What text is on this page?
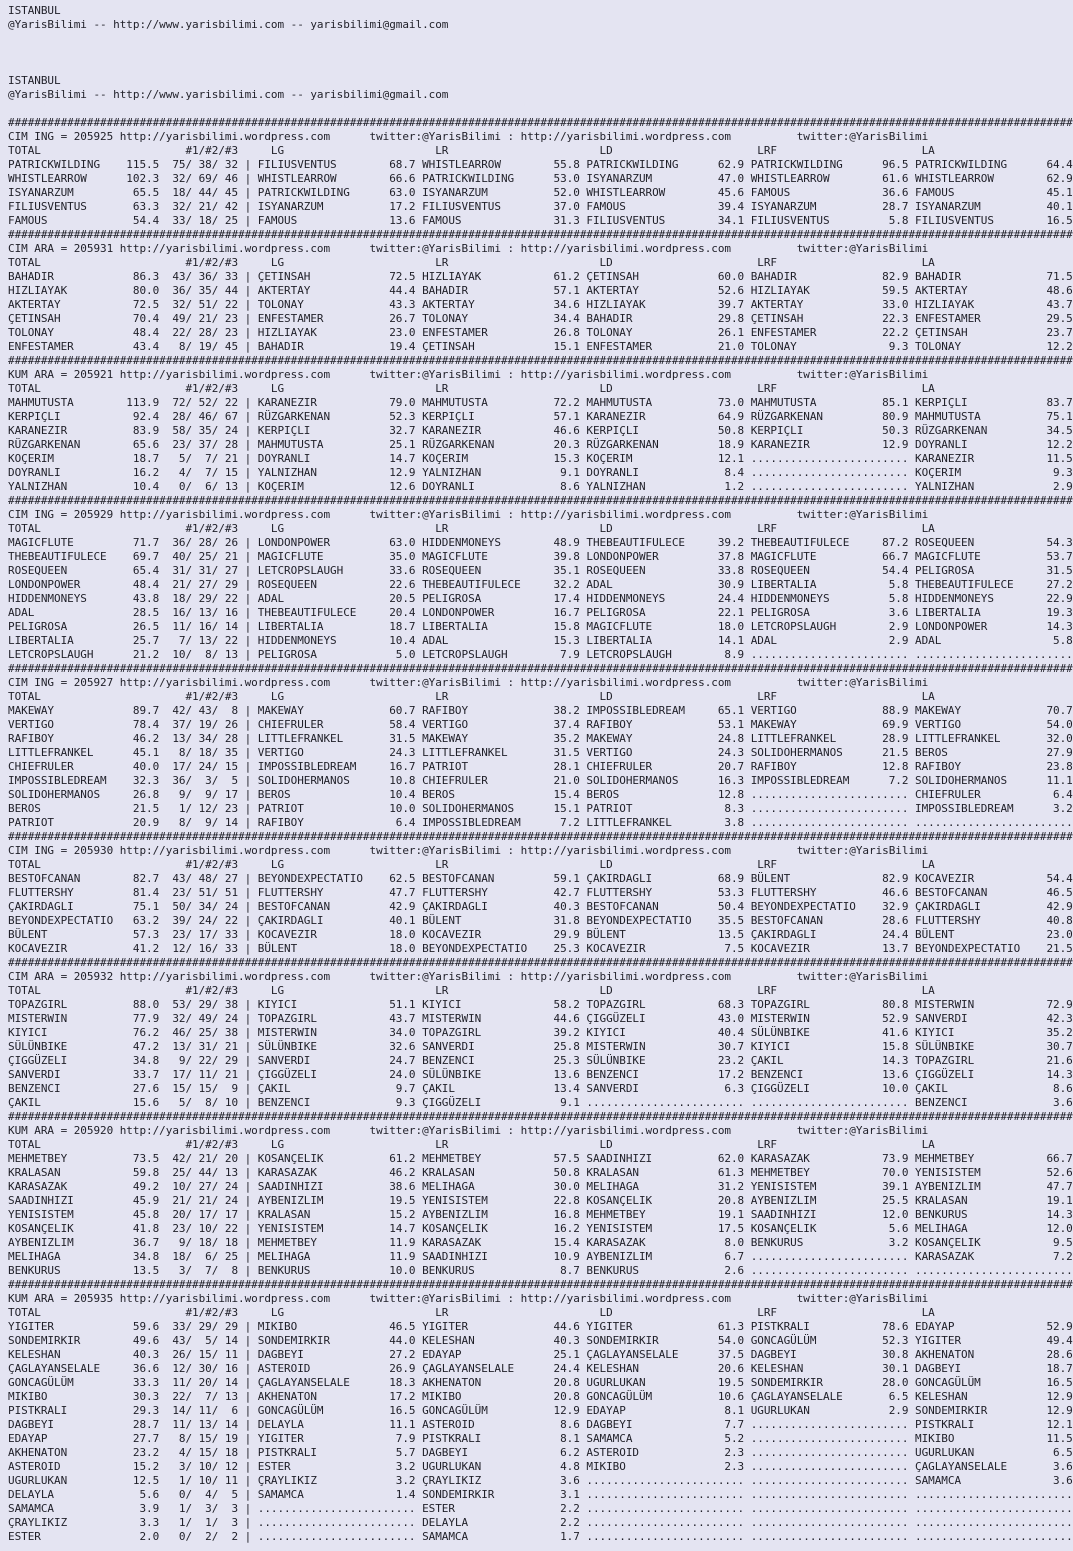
ISTANBUL
@YarisBilimi -- http://www.yarisbilimi.com -- yarisbilimi@gmail.com
ISTANBUL
@YarisBilimi -- http://www.yarisbilimi.com -- yarisbilimi@gmail.com
##################################################################################################################################################################
CIM ING = 205925 http://yarisbilimi.wordpress.com      twitter:@YarisBilimi : http://yarisbilimi.wordpress.com          twitter:@YarisBilimi
TOTAL                      #1/#2/#3     LG                       LR                       LD                      LRF                      LA
PATRICKWILDING    115.5  75/ 38/ 32 | FILIUSVENTUS        68.7 WHISTLEARROW        55.8 PATRICKWILDING      62.9 PATRICKWILDING      96.5 PATRICKWILDING      64.4
WHISTLEARROW      102.3  32/ 69/ 46 | WHISTLEARROW        66.6 PATRICKWILDING      53.0 ISYANARZUM          47.0 WHISTLEARROW        61.6 WHISTLEARROW        62.9
ISYANARZUM         65.5  18/ 44/ 45 | PATRICKWILDING      63.0 ISYANARZUM          52.0 WHISTLEARROW        45.6 FAMOUS              36.6 FAMOUS              45.1
FILIUSVENTUS       63.3  32/ 21/ 42 | ISYANARZUM          17.2 FILIUSVENTUS        37.0 FAMOUS              39.4 ISYANARZUM          28.7 ISYANARZUM          40.1
FAMOUS             54.4  33/ 18/ 25 | FAMOUS              13.6 FAMOUS              31.3 FILIUSVENTUS        34.1 FILIUSVENTUS         5.8 FILIUSVENTUS        16.5
##################################################################################################################################################################
CIM ARA = 205931 http://yarisbilimi.wordpress.com      twitter:@YarisBilimi : http://yarisbilimi.wordpress.com          twitter:@YarisBilimi
TOTAL                      #1/#2/#3     LG                       LR                       LD                      LRF                      LA
BAHADIR            86.3  43/ 36/ 33 | ÇETINSAH            72.5 HIZLIAYAK           61.2 ÇETINSAH            60.0 BAHADIR             82.9 BAHADIR             71.5
HIZLIAYAK          80.0  36/ 35/ 44 | AKTERTAY            44.4 BAHADIR             57.1 AKTERTAY            52.6 HIZLIAYAK           59.5 AKTERTAY            48.6
AKTERTAY           72.5  32/ 51/ 22 | TOLONAY             43.3 AKTERTAY            34.6 HIZLIAYAK           39.7 AKTERTAY            33.0 HIZLIAYAK           43.7
ÇETINSAH           70.4  49/ 21/ 23 | ENFESTAMER          26.7 TOLONAY             34.4 BAHADIR             29.8 ÇETINSAH            22.3 ENFESTAMER          29.5
TOLONAY            48.4  22/ 28/ 23 | HIZLIAYAK           23.0 ENFESTAMER          26.8 TOLONAY             26.1 ENFESTAMER          22.2 ÇETINSAH            23.7
ENFESTAMER         43.4   8/ 19/ 45 | BAHADIR             19.4 ÇETINSAH            15.1 ENFESTAMER          21.0 TOLONAY              9.3 TOLONAY             12.2
##################################################################################################################################################################
KUM ARA = 205921 http://yarisbilimi.wordpress.com      twitter:@YarisBilimi : http://yarisbilimi.wordpress.com          twitter:@YarisBilimi
TOTAL                      #1/#2/#3     LG                       LR                       LD                      LRF                      LA
MAHMUTUSTA        113.9  72/ 52/ 22 | KARANEZIR           79.0 MAHMUTUSTA          72.2 MAHMUTUSTA          73.0 MAHMUTUSTA          85.1 KERPIÇLI            83.7
KERPIÇLI           92.4  28/ 46/ 67 | RÜZGARKENAN         52.3 KERPIÇLI            57.1 KARANEZIR           64.9 RÜZGARKENAN         80.9 MAHMUTUSTA          75.1
KARANEZIR          83.9  58/ 35/ 24 | KERPIÇLI            32.7 KARANEZIR           46.6 KERPIÇLI            50.8 KERPIÇLI            50.3 RÜZGARKENAN         34.5
RÜZGARKENAN        65.6  23/ 37/ 28 | MAHMUTUSTA          25.1 RÜZGARKENAN         20.3 RÜZGARKENAN         18.9 KARANEZIR           12.9 DOYRANLI            12.2
KOÇERIM            18.7   5/  7/ 21 | DOYRANLI            14.7 KOÇERIM             15.3 KOÇERIM             12.1 ........................ KARANEZIR           11.5
DOYRANLI           16.2   4/  7/ 15 | YALNIZHAN           12.9 YALNIZHAN            9.1 DOYRANLI             8.4 ........................ KOÇERIM              9.3
YALNIZHAN          10.4   0/  6/ 13 | KOÇERIM             12.6 DOYRANLI             8.6 YALNIZHAN            1.2 ........................ YALNIZHAN            2.9
##################################################################################################################################################################
CIM ING = 205929 http://yarisbilimi.wordpress.com      twitter:@YarisBilimi : http://yarisbilimi.wordpress.com          twitter:@YarisBilimi
TOTAL                      #1/#2/#3     LG                       LR                       LD                      LRF                      LA
MAGICFLUTE         71.7  36/ 28/ 26 | LONDONPOWER         63.0 HIDDENMONEYS        48.9 THEBEAUTIFULECE     39.2 THEBEAUTIFULECE     87.2 ROSEQUEEN           54.3
THEBEAUTIFULECE    69.7  40/ 25/ 21 | MAGICFLUTE          35.0 MAGICFLUTE          39.8 LONDONPOWER         37.8 MAGICFLUTE          66.7 MAGICFLUTE          53.7
ROSEQUEEN          65.4  31/ 31/ 27 | LETCROPSLAUGH       33.6 ROSEQUEEN           35.1 ROSEQUEEN           33.8 ROSEQUEEN           54.4 PELIGROSA           31.5
LONDONPOWER        48.4  21/ 27/ 29 | ROSEQUEEN           22.6 THEBEAUTIFULECE     32.2 ADAL                30.9 LIBERTALIA           5.8 THEBEAUTIFULECE     27.2
HIDDENMONEYS       43.8  18/ 29/ 22 | ADAL                20.5 PELIGROSA           17.4 HIDDENMONEYS        24.4 HIDDENMONEYS         5.8 HIDDENMONEYS        22.9
ADAL               28.5  16/ 13/ 16 | THEBEAUTIFULECE     20.4 LONDONPOWER         16.7 PELIGROSA           22.1 PELIGROSA            3.6 LIBERTALIA          19.3
PELIGROSA          26.5  11/ 16/ 14 | LIBERTALIA          18.7 LIBERTALIA          15.8 MAGICFLUTE          18.0 LETCROPSLAUGH        2.9 LONDONPOWER         14.3
LIBERTALIA         25.7   7/ 13/ 22 | HIDDENMONEYS        10.4 ADAL                15.3 LIBERTALIA          14.1 ADAL                 2.9 ADAL                 5.8
LETCROPSLAUGH      21.2  10/  8/ 13 | PELIGROSA            5.0 LETCROPSLAUGH        7.9 LETCROPSLAUGH        8.9 ........................ ........................
##################################################################################################################################################################
CIM ING = 205927 http://yarisbilimi.wordpress.com      twitter:@YarisBilimi : http://yarisbilimi.wordpress.com          twitter:@YarisBilimi
TOTAL                      #1/#2/#3     LG                       LR                       LD                      LRF                      LA
MAKEWAY            89.7  42/ 43/  8 | MAKEWAY             60.7 RAFIBOY             38.2 IMPOSSIBLEDREAM     65.1 VERTIGO             88.9 MAKEWAY             70.7
VERTIGO            78.4  37/ 19/ 26 | CHIEFRULER          58.4 VERTIGO             37.4 RAFIBOY             53.1 MAKEWAY             69.9 VERTIGO             54.0
RAFIBOY            46.2  13/ 34/ 28 | LITTLEFRANKEL       31.5 MAKEWAY             35.2 MAKEWAY             24.8 LITTLEFRANKEL       28.9 LITTLEFRANKEL       32.0
LITTLEFRANKEL      45.1   8/ 18/ 35 | VERTIGO             24.3 LITTLEFRANKEL       31.5 VERTIGO             24.3 SOLIDOHERMANOS      21.5 BEROS               27.9
CHIEFRULER         40.0  17/ 24/ 15 | IMPOSSIBLEDREAM     16.7 PATRIOT             28.1 CHIEFRULER          20.7 RAFIBOY             12.8 RAFIBOY             23.8
IMPOSSIBLEDREAM    32.3  36/  3/  5 | SOLIDOHERMANOS      10.8 CHIEFRULER          21.0 SOLIDOHERMANOS      16.3 IMPOSSIBLEDREAM      7.2 SOLIDOHERMANOS      11.1
SOLIDOHERMANOS     26.8   9/  9/ 17 | BEROS               10.4 BEROS               15.4 BEROS               12.8 ........................ CHIEFRULER           6.4
BEROS              21.5   1/ 12/ 23 | PATRIOT             10.0 SOLIDOHERMANOS      15.1 PATRIOT              8.3 ........................ IMPOSSIBLEDREAM      3.2
PATRIOT            20.9   8/  9/ 14 | RAFIBOY              6.4 IMPOSSIBLEDREAM      7.2 LITTLEFRANKEL        3.8 ........................ ........................
##################################################################################################################################################################
CIM ING = 205930 http://yarisbilimi.wordpress.com      twitter:@YarisBilimi : http://yarisbilimi.wordpress.com          twitter:@YarisBilimi
TOTAL                      #1/#2/#3     LG                       LR                       LD                      LRF                      LA
BESTOFCANAN        82.7  43/ 48/ 27 | BEYONDEXPECTATIO    62.5 BESTOFCANAN         59.1 ÇAKIRDAGLI          68.9 BÜLENT              82.9 KOCAVEZIR           54.4
FLUTTERSHY         81.4  23/ 51/ 51 | FLUTTERSHY          47.7 FLUTTERSHY          42.7 FLUTTERSHY          53.3 FLUTTERSHY          46.6 BESTOFCANAN         46.5
ÇAKIRDAGLI         75.1  50/ 34/ 24 | BESTOFCANAN         42.9 ÇAKIRDAGLI          40.3 BESTOFCANAN         50.4 BEYONDEXPECTATIO    32.9 ÇAKIRDAGLI          42.9
BEYONDEXPECTATIO   63.2  39/ 24/ 22 | ÇAKIRDAGLI          40.1 BÜLENT              31.8 BEYONDEXPECTATIO    35.5 BESTOFCANAN         28.6 FLUTTERSHY          40.8
BÜLENT             57.3  23/ 17/ 33 | KOCAVEZIR           18.0 KOCAVEZIR           29.9 BÜLENT              13.5 ÇAKIRDAGLI          24.4 BÜLENT              23.0
KOCAVEZIR          41.2  12/ 16/ 33 | BÜLENT              18.0 BEYONDEXPECTATIO    25.3 KOCAVEZIR            7.5 KOCAVEZIR           13.7 BEYONDEXPECTATIO    21.5
##################################################################################################################################################################
CIM ARA = 205932 http://yarisbilimi.wordpress.com      twitter:@YarisBilimi : http://yarisbilimi.wordpress.com          twitter:@YarisBilimi
TOTAL                      #1/#2/#3     LG                       LR                       LD                      LRF                      LA
TOPAZGIRL          88.0  53/ 29/ 38 | KIYICI              51.1 KIYICI              58.2 TOPAZGIRL           68.3 TOPAZGIRL           80.8 MISTERWIN           72.9
MISTERWIN          77.9  32/ 49/ 24 | TOPAZGIRL           43.7 MISTERWIN           44.6 ÇIGGÜZELI           43.0 MISTERWIN           52.9 SANVERDI            42.3
KIYICI             76.2  46/ 25/ 38 | MISTERWIN           34.0 TOPAZGIRL           39.2 KIYICI              40.4 SÜLÜNBIKE           41.6 KIYICI              35.2
SÜLÜNBIKE          47.2  13/ 31/ 21 | SÜLÜNBIKE           32.6 SANVERDI            25.8 MISTERWIN           30.7 KIYICI              15.8 SÜLÜNBIKE           30.7
ÇIGGÜZELI          34.8   9/ 22/ 29 | SANVERDI            24.7 BENZENCI            25.3 SÜLÜNBIKE           23.2 ÇAKIL               14.3 TOPAZGIRL           21.6
SANVERDI           33.7  17/ 11/ 21 | ÇIGGÜZELI           24.0 SÜLÜNBIKE           13.6 BENZENCI            17.2 BENZENCI            13.6 ÇIGGÜZELI           14.3
BENZENCI           27.6  15/ 15/  9 | ÇAKIL                9.7 ÇAKIL               13.4 SANVERDI             6.3 ÇIGGÜZELI           10.0 ÇAKIL                8.6
ÇAKIL              15.6   5/  8/ 10 | BENZENCI             9.3 ÇIGGÜZELI            9.1 ........................ ........................ BENZENCI             3.6
##################################################################################################################################################################
KUM ARA = 205920 http://yarisbilimi.wordpress.com      twitter:@YarisBilimi : http://yarisbilimi.wordpress.com          twitter:@YarisBilimi
TOTAL                      #1/#2/#3     LG                       LR                       LD                      LRF                      LA
MEHMETBEY          73.5  42/ 21/ 20 | KOSANÇELIK          61.2 MEHMETBEY           57.5 SAADINHIZI          62.0 KARASAZAK           73.9 MEHMETBEY           66.7
KRALASAN           59.8  25/ 44/ 13 | KARASAZAK           46.2 KRALASAN            50.8 KRALASAN            61.3 MEHMETBEY           70.0 YENISISTEM          52.6
KARASAZAK          49.2  10/ 27/ 24 | SAADINHIZI          38.6 MELIHAGA            30.0 MELIHAGA            31.2 YENISISTEM          39.1 AYBENIZLIM          47.7
SAADINHIZI         45.9  21/ 21/ 24 | AYBENIZLIM          19.5 YENISISTEM          22.8 KOSANÇELIK          20.8 AYBENIZLIM          25.5 KRALASAN            19.1
YENISISTEM         45.8  20/ 17/ 17 | KRALASAN            15.2 AYBENIZLIM          16.8 MEHMETBEY           19.1 SAADINHIZI          12.0 BENKURUS            14.3
KOSANÇELIK         41.8  23/ 10/ 22 | YENISISTEM          14.7 KOSANÇELIK          16.2 YENISISTEM          17.5 KOSANÇELIK           5.6 MELIHAGA            12.0
AYBENIZLIM         36.7   9/ 18/ 18 | MEHMETBEY           11.9 KARASAZAK           15.4 KARASAZAK            8.0 BENKURUS             3.2 KOSANÇELIK           9.5
MELIHAGA           34.8  18/  6/ 25 | MELIHAGA            11.9 SAADINHIZI          10.9 AYBENIZLIM           6.7 ........................ KARASAZAK            7.2
BENKURUS           13.5   3/  7/  8 | BENKURUS            10.0 BENKURUS             8.7 BENKURUS             2.6 ........................ ........................
##################################################################################################################################################################
KUM ARA = 205935 http://yarisbilimi.wordpress.com      twitter:@YarisBilimi : http://yarisbilimi.wordpress.com          twitter:@YarisBilimi
TOTAL                      #1/#2/#3     LG                       LR                       LD                      LRF                      LA
YIGITER            59.6  33/ 29/ 29 | MIKIBO              46.5 YIGITER             44.6 YIGITER             61.3 PISTKRALI           78.6 EDAYAP              52.9
SONDEMIRKIR        49.6  43/  5/ 14 | SONDEMIRKIR         44.0 KELESHAN            40.3 SONDEMIRKIR         54.0 GONCAGÜLÜM          52.3 YIGITER             49.4
KELESHAN           40.3  26/ 15/ 11 | DAGBEYI             27.2 EDAYAP              25.1 ÇAGLAYANSELALE      37.5 DAGBEYI             30.8 AKHENATON           28.6
ÇAGLAYANSELALE     36.6  12/ 30/ 16 | ASTEROID            26.9 ÇAGLAYANSELALE      24.4 KELESHAN            20.6 KELESHAN            30.1 DAGBEYI             18.7
GONCAGÜLÜM         33.3  11/ 20/ 14 | ÇAGLAYANSELALE      18.3 AKHENATON           20.8 UGURLUKAN           19.5 SONDEMIRKIR         28.0 GONCAGÜLÜM          16.5
MIKIBO             30.3  22/  7/ 13 | AKHENATON           17.2 MIKIBO              20.8 GONCAGÜLÜM          10.6 ÇAGLAYANSELALE       6.5 KELESHAN            12.9
PISTKRALI          29.3  14/ 11/  6 | GONCAGÜLÜM          16.5 GONCAGÜLÜM          12.9 EDAYAP               8.1 UGURLUKAN            2.9 SONDEMIRKIR         12.9
DAGBEYI            28.7  11/ 13/ 14 | DELAYLA             11.1 ASTEROID             8.6 DAGBEYI              7.7 ........................ PISTKRALI           12.1
EDAYAP             27.7   8/ 15/ 19 | YIGITER              7.9 PISTKRALI            8.1 SAMAMCA              5.2 ........................ MIKIBO              11.5
AKHENATON          23.2   4/ 15/ 18 | PISTKRALI            5.7 DAGBEYI              6.2 ASTEROID             2.3 ........................ UGURLUKAN            6.5
ASTEROID           15.2   3/ 10/ 12 | ESTER                3.2 UGURLUKAN            4.8 MIKIBO               2.3 ........................ ÇAGLAYANSELALE       3.6
UGURLUKAN          12.5   1/ 10/ 11 | ÇRAYLIKIZ            3.2 ÇRAYLIKIZ            3.6 ........................ ........................ SAMAMCA              3.6
DELAYLA             5.6   0/  4/  5 | SAMAMCA              1.4 SONDEMIRKIR          3.1 ........................ ........................ ........................
SAMAMCA             3.9   1/  3/  3 | ........................ ESTER                2.2 ........................ ........................ ........................
ÇRAYLIKIZ           3.3   1/  1/  3 | ........................ DELAYLA              2.2 ........................ ........................ ........................
ESTER               2.0   0/  2/  2 | ........................ SAMAMCA              1.7 ........................ ........................ ........................
